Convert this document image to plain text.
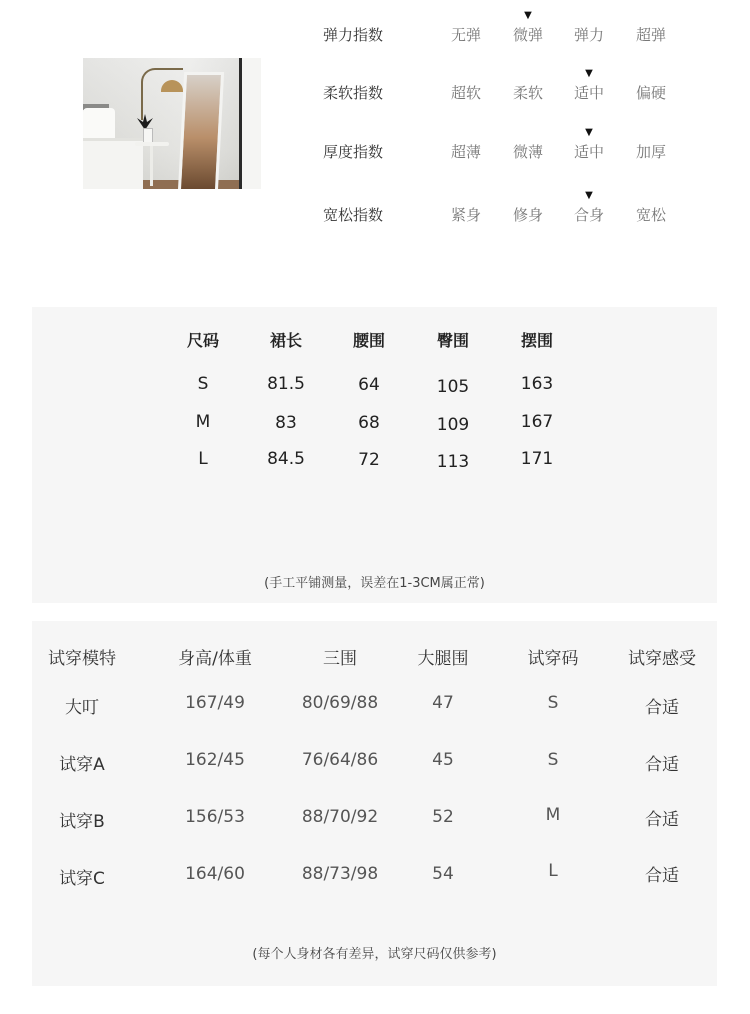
弹力指数	无弹	微弹	弹力	超弹
▼
柔软指数	超软	柔软	适中	偏硬
▼
厚度指数	超薄	微薄	适中	加厚
▼
宽松指数	紧身	修身	合身	宽松
▼
尺码	裙长	腰围	臀围	摆围
S	81.5	64	105	163
M	83	68	109	167
L	84.5	72	113	171
(手工平铺测量，误差在1-3CM属正常)
试穿模特	身高/体重	三围	大腿围	试穿码	试穿感受
大叮	167/49	80/69/88	47	S	合适
试穿A	162/45	76/64/86	45	S	合适
试穿B	156/53	88/70/92	52	M	合适
试穿C	164/60	88/73/98	54	L	合适
(每个人身材各有差异，试穿尺码仅供参考)
